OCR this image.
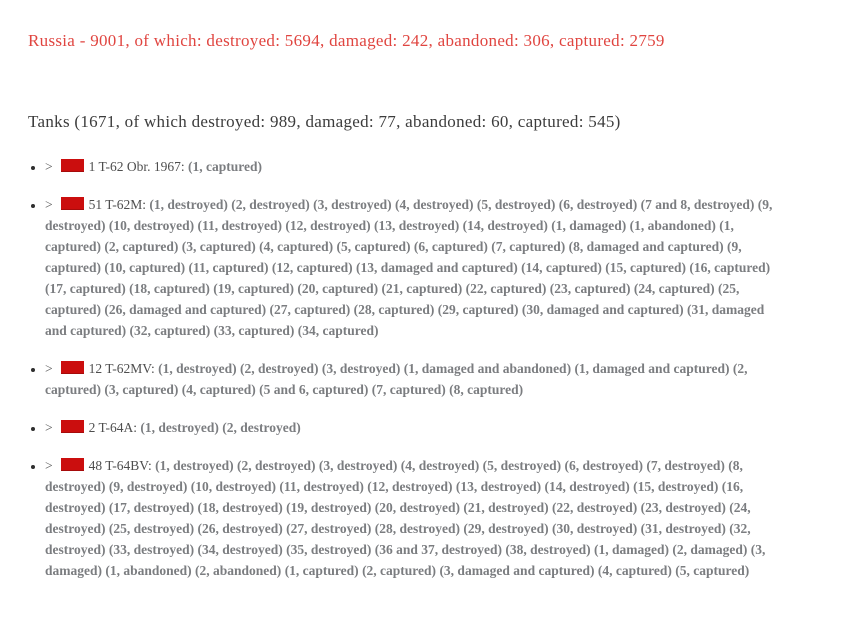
Russia - 9001, of which: destroyed: 5694, damaged: 242, abandoned: 306, captured: 2759
Tanks (1671, of which destroyed: 989, damaged: 77, abandoned: 60, captured: 545)
• >	1 T-62 Obr. 1967: (1, captured)
• >	51 T-62M: (1, destroyed) (2, destroyed) (3, destroyed) (4, destroyed) (5, destroyed) (6, destroyed) (7 and 8, destroyed) (9, destroyed) (10, destroyed) (11, destroyed) (12, destroyed) (13, destroyed) (14, destroyed) (1, damaged) (1, abandoned) (1, captured) (2, captured) (3, captured) (4, captured) (5, captured) (6, captured) (7, captured) (8, damaged and captured) (9, captured) (10, captured) (11, captured) (12, captured) (13, damaged and captured) (14, captured) (15, captured) (16, captured) (17, captured) (18, captured) (19, captured) (20, captured) (21, captured) (22, captured) (23, captured) (24, captured) (25, captured) (26, damaged and captured) (27, captured) (28, captured) (29, captured) (30, damaged and captured) (31, damaged and captured) (32, captured) (33, captured) (34, captured)
• >	12 T-62MV: (1, destroyed) (2, destroyed) (3, destroyed) (1, damaged and abandoned) (1, damaged and captured) (2, captured) (3, captured) (4, captured) (5 and 6, captured) (7, captured) (8, captured)
• >	2 T-64A: (1, destroyed) (2, destroyed)
• >	48 T-64BV: (1, destroyed) (2, destroyed) (3, destroyed) (4, destroyed) (5, destroyed) (6, destroyed) (7, destroyed) (8, destroyed) (9, destroyed) (10, destroyed) (11, destroyed) (12, destroyed) (13, destroyed) (14, destroyed) (15, destroyed) (16, destroyed) (17, destroyed) (18, destroyed) (19, destroyed) (20, destroyed) (21, destroyed) (22, destroyed) (23, destroyed) (24, destroyed) (25, destroyed) (26, destroyed) (27, destroyed) (28, destroyed) (29, destroyed) (30, destroyed) (31, destroyed) (32, destroyed) (33, destroyed) (34, destroyed) (35, destroyed) (36 and 37, destroyed) (38, destroyed) (1, damaged) (2, damaged) (3, damaged) (1, abandoned) (2, abandoned) (1, captured) (2, captured) (3, damaged and captured) (4, captured) (5, captured)
